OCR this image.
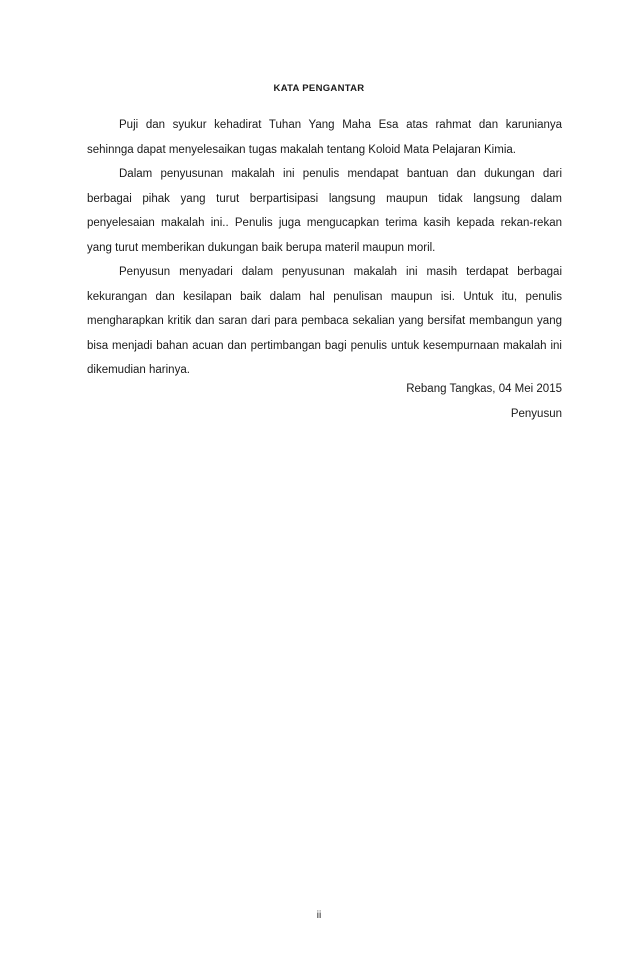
KATA PENGANTAR

Puji dan syukur kehadirat Tuhan Yang Maha Esa atas rahmat dan karunianya sehinnga dapat menyelesaikan tugas makalah tentang Koloid Mata Pelajaran Kimia.

Dalam penyusunan makalah ini penulis mendapat bantuan dan dukungan dari berbagai pihak yang turut berpartisipasi langsung maupun tidak langsung dalam penyelesaian makalah ini.. Penulis juga mengucapkan terima kasih kepada rekan-rekan yang turut memberikan dukungan baik berupa materil maupun moril.

Penyusun menyadari dalam penyusunan makalah ini masih terdapat berbagai kekurangan dan kesilapan baik dalam hal penulisan maupun isi. Untuk itu, penulis mengharapkan kritik dan saran dari para pembaca sekalian yang bersifat membangun yang bisa menjadi bahan acuan dan pertimbangan bagi penulis untuk kesempurnaan makalah ini dikemudian harinya.

Rebang Tangkas, 04 Mei 2015
Penyusun
ii
